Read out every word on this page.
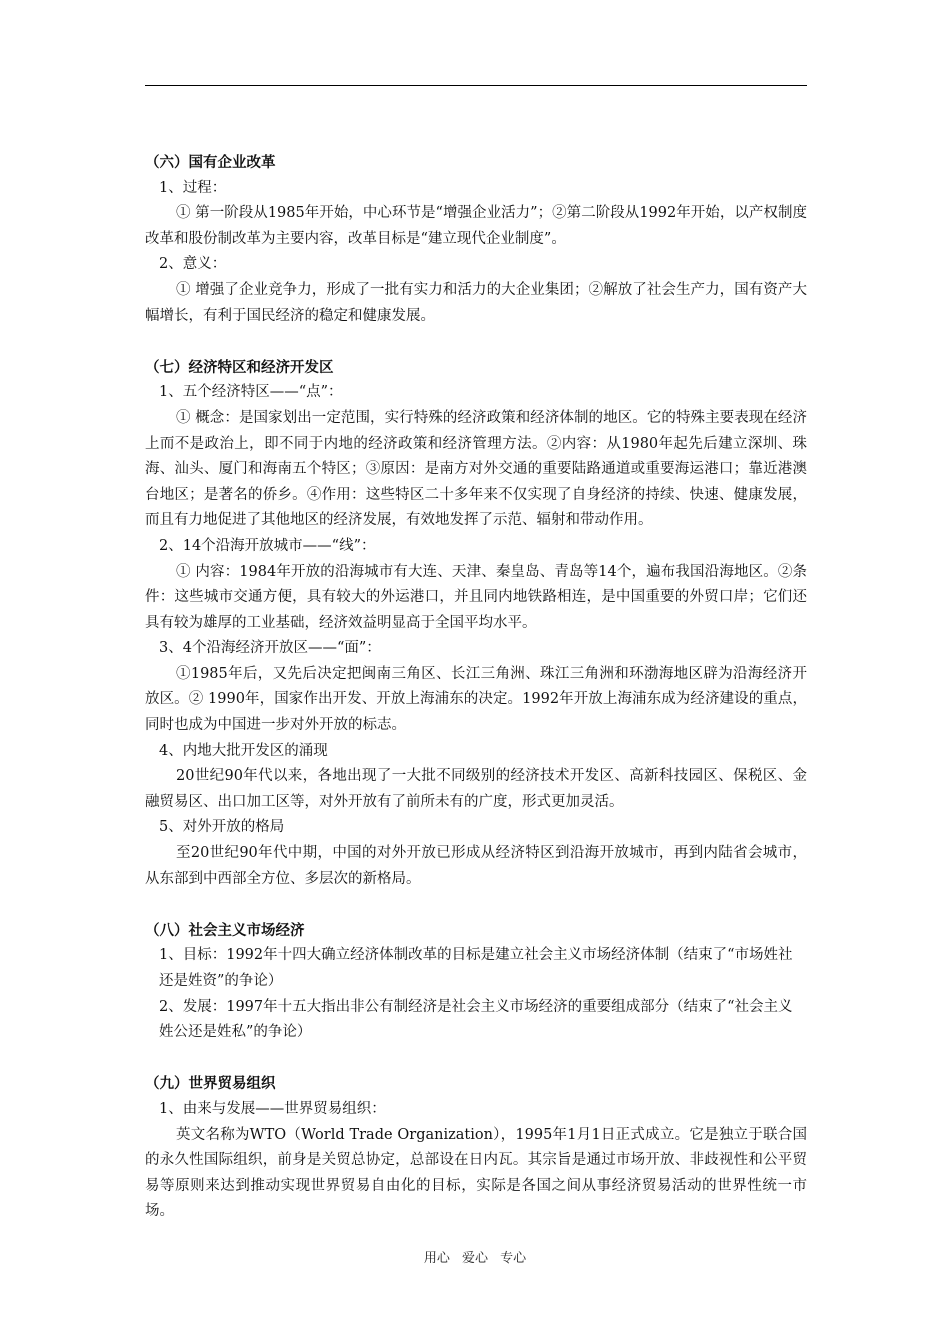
（六）国有企业改革

1、过程：

① 第一阶段从1985年开始，中心环节是“增强企业活力”；②第二阶段从1992年开始，以产权制度改革和股份制改革为主要内容，改革目标是“建立现代企业制度”。

2、意义：

① 增强了企业竞争力，形成了一批有实力和活力的大企业集团；②解放了社会生产力，国有资产大幅增长，有利于国民经济的稳定和健康发展。

（七）经济特区和经济开发区

1、五个经济特区——“点”：

① 概念：是国家划出一定范围，实行特殊的经济政策和经济体制的地区。它的特殊主要表现在经济上而不是政治上，即不同于内地的经济政策和经济管理方法。②内容：从1980年起先后建立深圳、珠海、汕头、厦门和海南五个特区；③原因：是南方对外交通的重要陆路通道或重要海运港口；靠近港澳台地区；是著名的侨乡。④作用：这些特区二十多年来不仅实现了自身经济的持续、快速、健康发展，而且有力地促进了其他地区的经济发展，有效地发挥了示范、辐射和带动作用。

2、14个沿海开放城市——“线”：

① 内容：1984年开放的沿海城市有大连、天津、秦皇岛、青岛等14个，遍布我国沿海地区。②条件：这些城市交通方便，具有较大的外运港口，并且同内地铁路相连，是中国重要的外贸口岸；它们还具有较为雄厚的工业基础，经济效益明显高于全国平均水平。

3、4个沿海经济开放区——“面”：

①1985年后，又先后决定把闽南三角区、长江三角洲、珠江三角洲和环渤海地区辟为沿海经济开放区。② 1990年，国家作出开发、开放上海浦东的决定。1992年开放上海浦东成为经济建设的重点，同时也成为中国进一步对外开放的标志。

4、内地大批开发区的涌现

20世纪90年代以来，各地出现了一大批不同级别的经济技术开发区、高新科技园区、保税区、金融贸易区、出口加工区等，对外开放有了前所未有的广度，形式更加灵活。

5、对外开放的格局

至20世纪90年代中期，中国的对外开放已形成从经济特区到沿海开放城市，再到内陆省会城市，从东部到中西部全方位、多层次的新格局。

（八）社会主义市场经济

1、目标：1992年十四大确立经济体制改革的目标是建立社会主义市场经济体制（结束了“市场姓社还是姓资”的争论）

2、发展：1997年十五大指出非公有制经济是社会主义市场经济的重要组成部分（结束了“社会主义姓公还是姓私”的争论）

（九）世界贸易组织

1、由来与发展——世界贸易组织：

英文名称为WTO（World Trade Organization），1995年1月1日正式成立。它是独立于联合国的永久性国际组织，前身是关贸总协定，总部设在日内瓦。其宗旨是通过市场开放、非歧视性和公平贸易等原则来达到推动实现世界贸易自由化的目标，实际是各国之间从事经济贸易活动的世界性统一市场。

用心 爱心 专心
